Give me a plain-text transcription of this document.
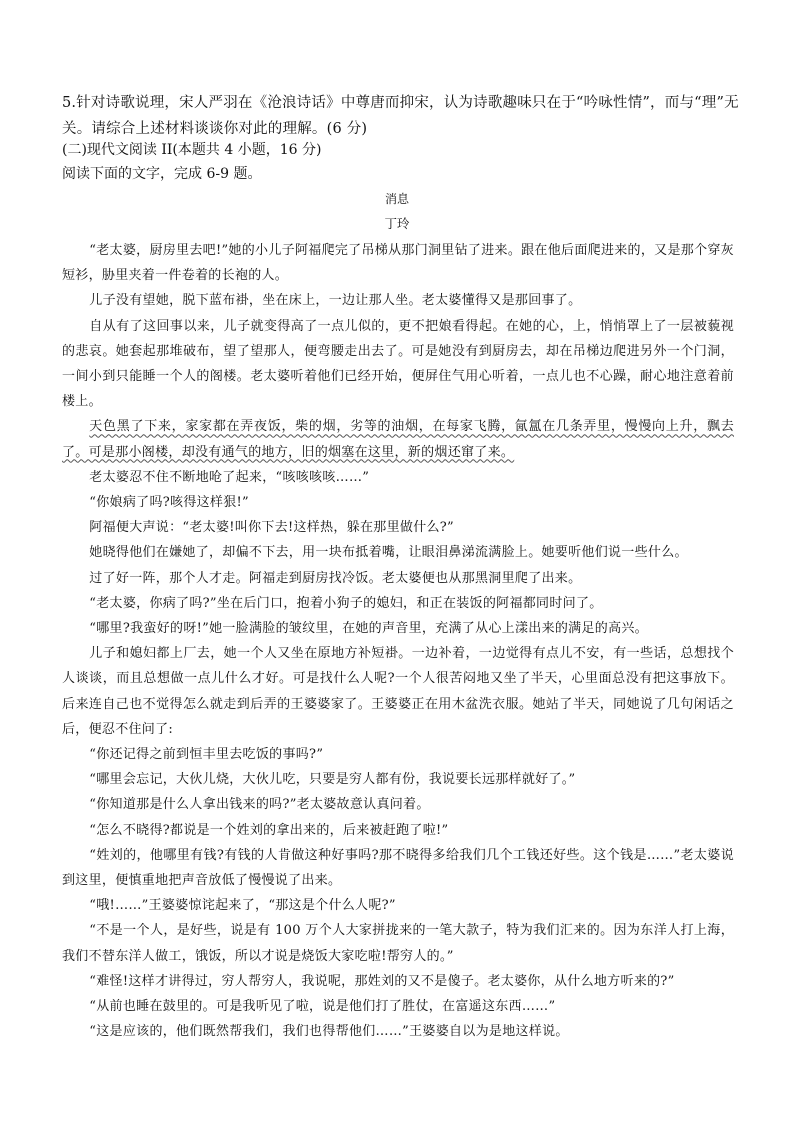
5.针对诗歌说理，宋人严羽在《沧浪诗话》中尊唐而抑宋，认为诗歌趣味只在于“吟咏性情”，而与“理”无关。请综合上述材料谈谈你对此的理解。(6 分)
(二)现代文阅读 II(本题共 4 小题，16 分)
阅读下面的文字，完成 6-9 题。
消息
丁玲

“老太婆，厨房里去吧!”她的小儿子阿福爬完了吊梯从那门洞里钻了进来。跟在他后面爬进来的，又是那个穿灰短衫，胁里夹着一件卷着的长袍的人。

儿子没有望她，脱下蓝布褂，坐在床上，一边让那人坐。老太婆懂得又是那回事了。

自从有了这回事以来，儿子就变得高了一点儿似的，更不把娘看得起。在她的心，上，悄悄罩上了一层被藐视的悲哀。她套起那堆破布，望了望那人，便弯腰走出去了。可是她没有到厨房去，却在吊梯边爬进另外一个门洞，一间小到只能睡一个人的阁楼。老太婆听着他们已经开始，便屏住气用心听着，一点儿也不心躁，耐心地注意着前楼上。

天色黑了下来，家家都在弄夜饭，柴的烟，劣等的油烟，在每家飞腾，氤氲在几条弄里，慢慢向上升，飘去了。可是那小阁楼，却没有通气的地方，旧的烟塞在这里，新的烟还窜了来。

老太婆忍不住不断地呛了起来，“咳咳咳咳……”

“你娘病了吗?咳得这样狠!”

阿福便大声说：“老太婆!叫你下去!这样热，躲在那里做什么?”

她晓得他们在嫌她了，却偏不下去，用一块布抵着嘴，让眼泪鼻涕流满脸上。她要听他们说一些什么。

过了好一阵，那个人才走。阿福走到厨房找冷饭。老太婆便也从那黑洞里爬了出来。

“老太婆，你病了吗?”坐在后门口，抱着小狗子的媳妇，和正在装饭的阿福都同时问了。

“哪里?我蛮好的呀!”她一脸满脸的皱纹里，在她的声音里，充满了从心上漾出来的满足的高兴。

儿子和媳妇都上厂去，她一个人又坐在原地方补短褂。一边补着，一边觉得有点儿不安，有一些话，总想找个人谈谈，而且总想做一点儿什么才好。可是找什么人呢?一个人很苦闷地又坐了半天，心里面总没有把这事放下。后来连自己也不觉得怎么就走到后弄的王婆婆家了。王婆婆正在用木盆洗衣服。她站了半天，同她说了几句闲话之后，便忍不住问了:

“你还记得之前到恒丰里去吃饭的事吗?”

“哪里会忘记，大伙儿烧，大伙儿吃，只要是穷人都有份，我说要长远那样就好了。”

“你知道那是什么人拿出钱来的吗?”老太婆故意认真问着。

“怎么不晓得?都说是一个姓刘的拿出来的，后来被赶跑了啦!”

“姓刘的，他哪里有钱?有钱的人肯做这种好事吗?那不晓得多给我们几个工钱还好些。这个钱是……”老太婆说到这里，便慎重地把声音放低了慢慢说了出来。

“哦!……”王婆婆惊诧起来了，“那这是个什么人呢?”

“不是一个人，是好些，说是有 100 万个人大家拼拢来的一笔大款子，特为我们汇来的。因为东洋人打上海，我们不替东洋人做工，饿饭，所以才说是烧饭大家吃啦!帮穷人的。”

“难怪!这样才讲得过，穷人帮穷人，我说呢，那姓刘的又不是傻子。老太婆你，从什么地方听来的?”

“从前也睡在鼓里的。可是我听见了啦，说是他们打了胜仗，在富遥这东西……”

“这是应该的，他们既然帮我们，我们也得帮他们……”王婆婆自以为是地这样说。
